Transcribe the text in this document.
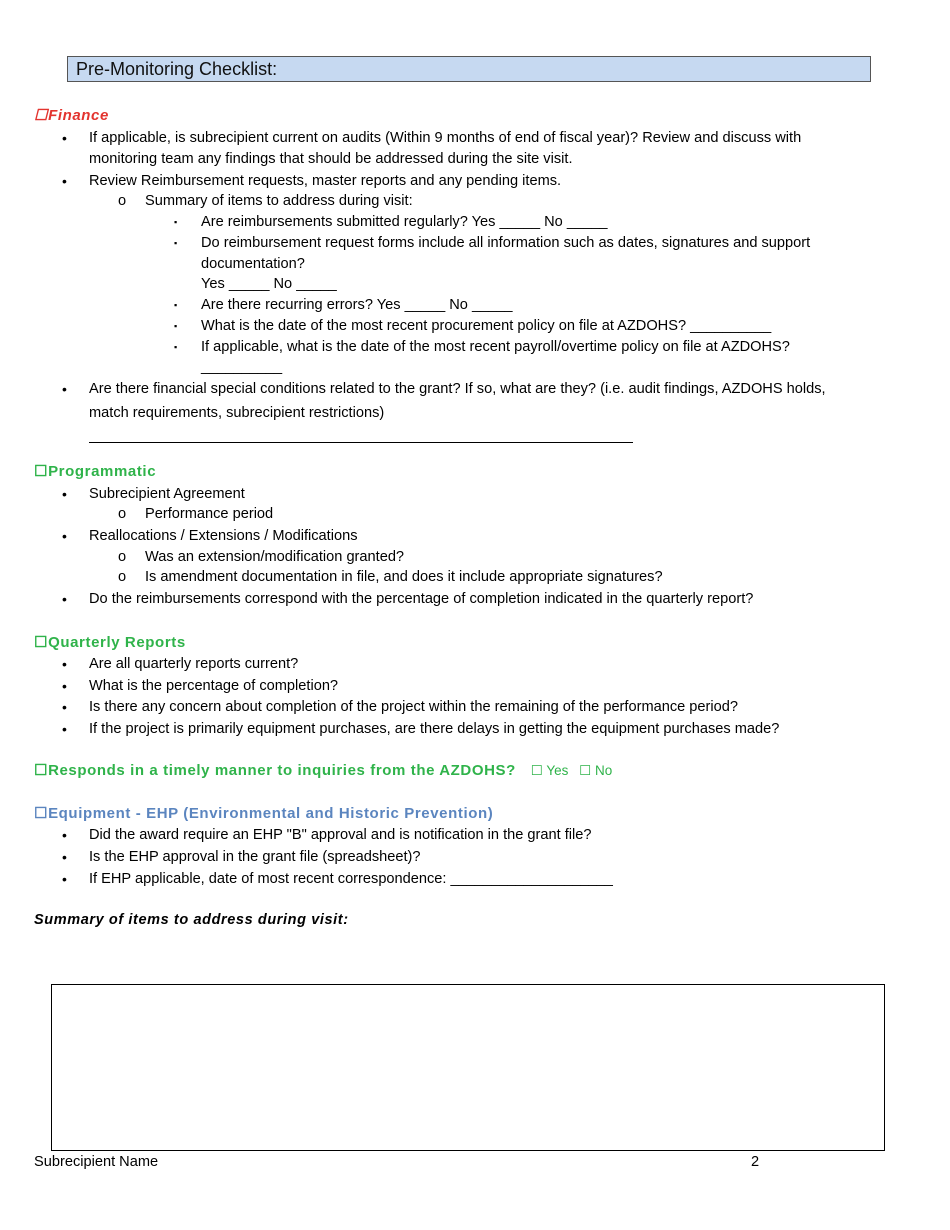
Pre-Monitoring Checklist:
☐Finance
• If applicable, is subrecipient current on audits (Within 9 months of end of fiscal year)? Review and discuss with
monitoring team any findings that should be addressed during the site visit.
• Review Reimbursement requests, master reports and any pending items.
o Summary of items to address during visit:
▪ Are reimbursements submitted regularly? Yes _____ No _____
▪ Do reimbursement request forms include all information such as dates, signatures and support
documentation?
Yes _____ No _____
▪ Are there recurring errors? Yes _____ No _____
▪ What is the date of the most recent procurement policy on file at AZDOHS? __________
▪ If applicable, what is the date of the most recent payroll/overtime policy on file at AZDOHS?
__________
• Are there financial special conditions related to the grant? If so, what are they? (i.e. audit findings, AZDOHS holds,
match requirements, subrecipient restrictions)
☐Programmatic
• Subrecipient Agreement
o Performance period
• Reallocations / Extensions / Modifications
o Was an extension/modification granted?
o Is amendment documentation in file, and does it include appropriate signatures?
• Do the reimbursements correspond with the percentage of completion indicated in the quarterly report?
☐Quarterly Reports
• Are all quarterly reports current?
• What is the percentage of completion?
• Is there any concern about completion of the project within the remaining of the performance period?
• If the project is primarily equipment purchases, are there delays in getting the equipment purchases made?
☐Responds in a timely manner to inquiries from the AZDOHS? ☐ Yes ☐ No
☐Equipment - EHP (Environmental and Historic Prevention)
• Did the award require an EHP "B" approval and is notification in the grant file?
• Is the EHP approval in the grant file (spreadsheet)?
• If EHP applicable, date of most recent correspondence: ____________________
Summary of items to address during visit:
Subrecipient Name	2
